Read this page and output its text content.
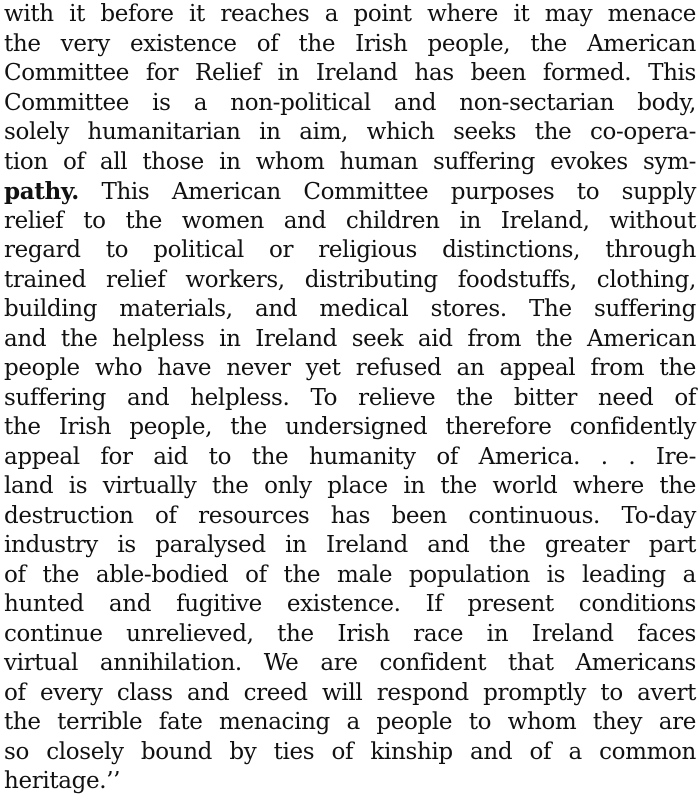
with it before it reaches a point where it may menace
the very existence of the Irish people, the American
Committee for Relief in Ireland has been formed. This
Committee is a non-political and non-sectarian body,
solely humanitarian in aim, which seeks the co-opera-
tion of all those in whom human suffering evokes sym-
pathy. This American Committee purposes to supply
relief to the women and children in Ireland, without
regard to political or religious distinctions, through
trained relief workers, distributing foodstuffs, clothing,
building materials, and medical stores. The suffering
and the helpless in Ireland seek aid from the American
people who have never yet refused an appeal from the
suffering and helpless. To relieve the bitter need of
the Irish people, the undersigned therefore confidently
appeal for aid to the humanity of America. . . Ire-
land is virtually the only place in the world where the
destruction of resources has been continuous. To-day
industry is paralysed in Ireland and the greater part
of the able-bodied of the male population is leading a
hunted and fugitive existence. If present conditions
continue unrelieved, the Irish race in Ireland faces
virtual annihilation. We are confident that Americans
of every class and creed will respond promptly to avert
the terrible fate menacing a people to whom they are
so closely bound by ties of kinship and of a common
heritage.’’
